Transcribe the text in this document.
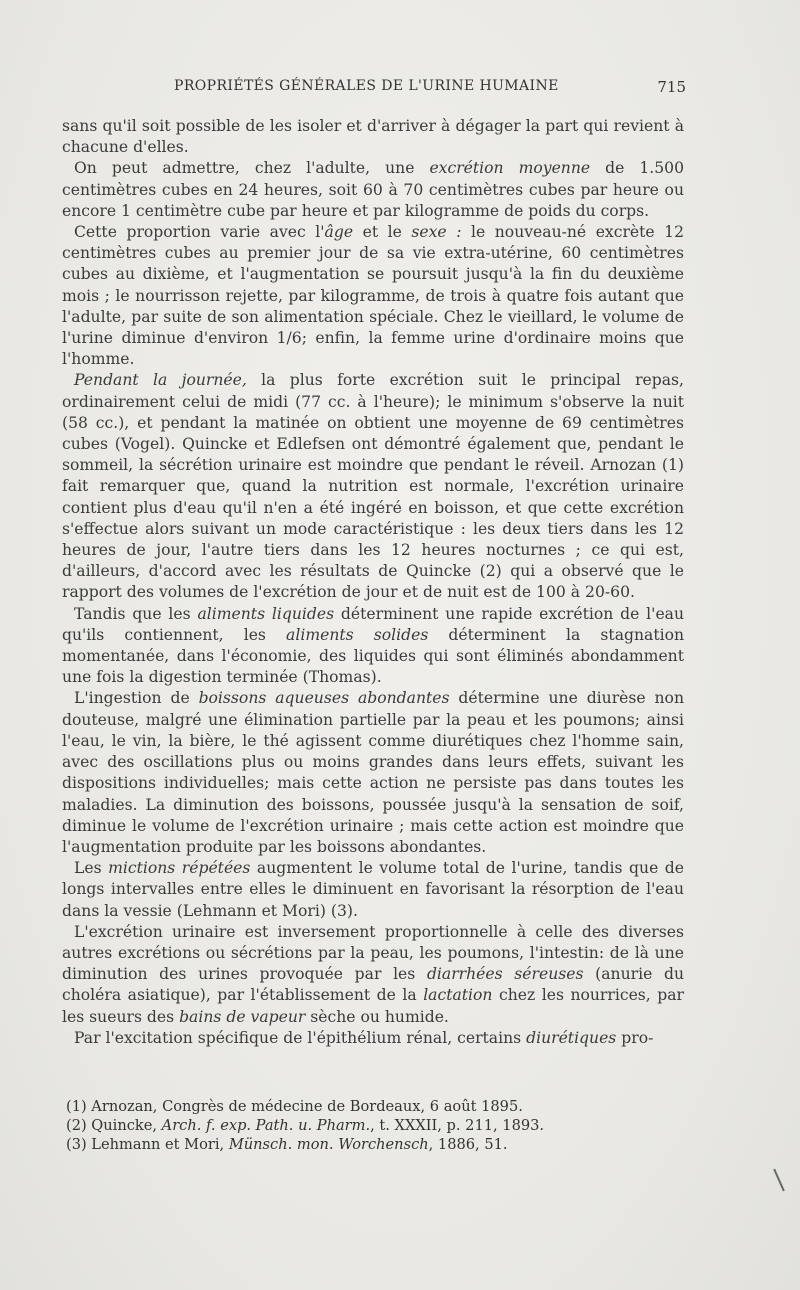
PROPRIÉTÉS GÉNÉRALES DE L'URINE HUMAINE	715

sans qu'il soit possible de les isoler et d'arriver à dégager la part qui revient à chacune d'elles.

On peut admettre, chez l'adulte, une excrétion moyenne de 1.500 centimètres cubes en 24 heures, soit 60 à 70 centimètres cubes par heure ou encore 1 centimètre cube par heure et par kilogramme de poids du corps.

Cette proportion varie avec l'âge et le sexe : le nouveau-né excrète 12 centimètres cubes au premier jour de sa vie extra-utérine, 60 centimètres cubes au dixième, et l'augmentation se poursuit jusqu'à la fin du deuxième mois ; le nourrisson rejette, par kilogramme, de trois à quatre fois autant que l'adulte, par suite de son alimentation spéciale. Chez le vieillard, le volume de l'urine diminue d'environ 1/6; enfin, la femme urine d'ordinaire moins que l'homme.

Pendant la journée, la plus forte excrétion suit le principal repas, ordinairement celui de midi (77 cc. à l'heure); le minimum s'observe la nuit (58 cc.), et pendant la matinée on obtient une moyenne de 69 centimètres cubes (Vogel). Quincke et Edlefsen ont démontré également que, pendant le sommeil, la sécrétion urinaire est moindre que pendant le réveil. Arnozan (1) fait remarquer que, quand la nutrition est normale, l'excrétion urinaire contient plus d'eau qu'il n'en a été ingéré en boisson, et que cette excrétion s'effectue alors suivant un mode caractéristique : les deux tiers dans les 12 heures de jour, l'autre tiers dans les 12 heures nocturnes ; ce qui est, d'ailleurs, d'accord avec les résultats de Quincke (2) qui a observé que le rapport des volumes de l'excrétion de jour et de nuit est de 100 à 20-60.

Tandis que les aliments liquides déterminent une rapide excrétion de l'eau qu'ils contiennent, les aliments solides déterminent la stagnation momentanée, dans l'économie, des liquides qui sont éliminés abondamment une fois la digestion terminée (Thomas).

L'ingestion de boissons aqueuses abondantes détermine une diurèse non douteuse, malgré une élimination partielle par la peau et les poumons; ainsi l'eau, le vin, la bière, le thé agissent comme diurétiques chez l'homme sain, avec des oscillations plus ou moins grandes dans leurs effets, suivant les dispositions individuelles; mais cette action ne persiste pas dans toutes les maladies. La diminution des boissons, poussée jusqu'à la sensation de soif, diminue le volume de l'excrétion urinaire ; mais cette action est moindre que l'augmentation produite par les boissons abondantes.

Les mictions répétées augmentent le volume total de l'urine, tandis que de longs intervalles entre elles le diminuent en favorisant la résorption de l'eau dans la vessie (Lehmann et Mori) (3).

L'excrétion urinaire est inversement proportionnelle à celle des diverses autres excrétions ou sécrétions par la peau, les poumons, l'intestin: de là une diminution des urines provoquée par les diarrhées séreuses (anurie du choléra asiatique), par l'établissement de la lactation chez les nourrices, par les sueurs des bains de vapeur sèche ou humide.

Par l'excitation spécifique de l'épithélium rénal, certains diurétiques pro-

(1) Arnozan, Congrès de médecine de Bordeaux, 6 août 1895.

(2) Quincke, Arch. f. exp. Path. u. Pharm., t. XXXII, p. 211, 1893.

(3) Lehmann et Mori, Münsch. mon. Worchensch, 1886, 51.
